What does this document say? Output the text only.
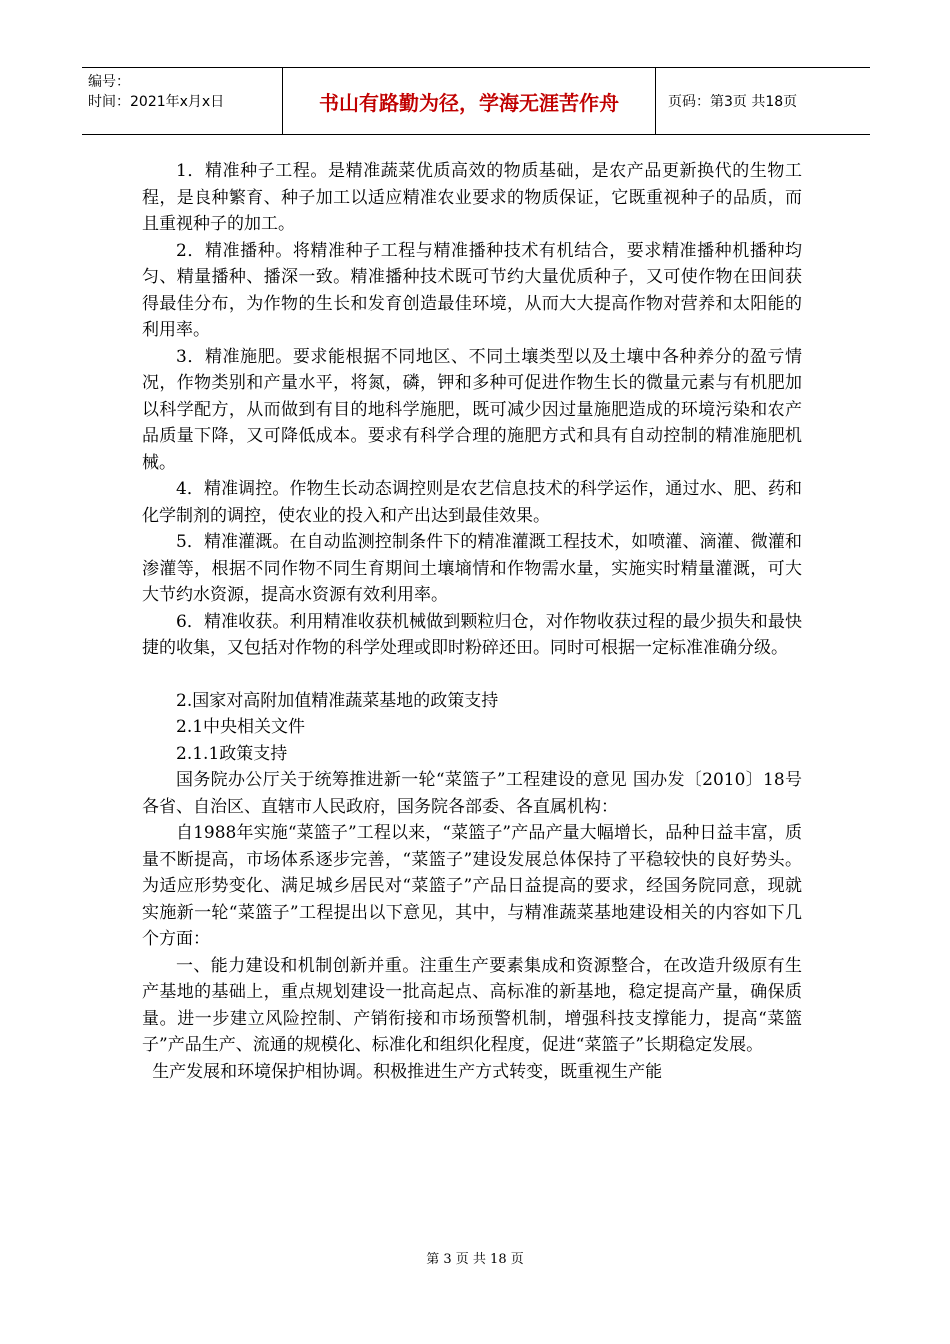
编号：
时间：2021年x月x日	书山有路勤为径，学海无涯苦作舟	页码：第3页 共18页

1．精准种子工程。是精准蔬菜优质高效的物质基础，是农产品更新换代的生物工程，是良种繁育、种子加工以适应精准农业要求的物质保证，它既重视种子的品质，而且重视种子的加工。

2．精准播种。将精准种子工程与精准播种技术有机结合，要求精准播种机播种均匀、精量播种、播深一致。精准播种技术既可节约大量优质种子，又可使作物在田间获得最佳分布，为作物的生长和发育创造最佳环境，从而大大提高作物对营养和太阳能的利用率。

3．精准施肥。要求能根据不同地区、不同土壤类型以及土壤中各种养分的盈亏情况，作物类别和产量水平，将氮，磷，钾和多种可促进作物生长的微量元素与有机肥加以科学配方，从而做到有目的地科学施肥，既可减少因过量施肥造成的环境污染和农产品质量下降，又可降低成本。要求有科学合理的施肥方式和具有自动控制的精准施肥机械。

4．精准调控。作物生长动态调控则是农艺信息技术的科学运作，通过水、肥、药和化学制剂的调控，使农业的投入和产出达到最佳效果。

5．精准灌溉。在自动监测控制条件下的精准灌溉工程技术，如喷灌、滴灌、微灌和渗灌等，根据不同作物不同生育期间土壤墒情和作物需水量，实施实时精量灌溉，可大大节约水资源，提高水资源有效利用率。

6．精准收获。利用精准收获机械做到颗粒归仓，对作物收获过程的最少损失和最快捷的收集，又包括对作物的科学处理或即时粉碎还田。同时可根据一定标准准确分级。

2.国家对高附加值精准蔬菜基地的政策支持

2.1中央相关文件

2.1.1政策支持

国务院办公厅关于统筹推进新一轮“菜篮子”工程建设的意见 国办发〔2010〕18号各省、自治区、直辖市人民政府，国务院各部委、各直属机构：

自1988年实施“菜篮子”工程以来，“菜篮子”产品产量大幅增长，品种日益丰富，质量不断提高，市场体系逐步完善，“菜篮子”建设发展总体保持了平稳较快的良好势头。为适应形势变化、满足城乡居民对“菜篮子”产品日益提高的要求，经国务院同意，现就实施新一轮“菜篮子”工程提出以下意见，其中，与精准蔬菜基地建设相关的内容如下几个方面：

一、能力建设和机制创新并重。注重生产要素集成和资源整合，在改造升级原有生产基地的基础上，重点规划建设一批高起点、高标准的新基地，稳定提高产量，确保质量。进一步建立风险控制、产销衔接和市场预警机制，增强科技支撑能力，提高“菜篮子”产品生产、流通的规模化、标准化和组织化程度，促进“菜篮子”长期稳定发展。

生产发展和环境保护相协调。积极推进生产方式转变，既重视生产能

第 3 页 共 18 页
